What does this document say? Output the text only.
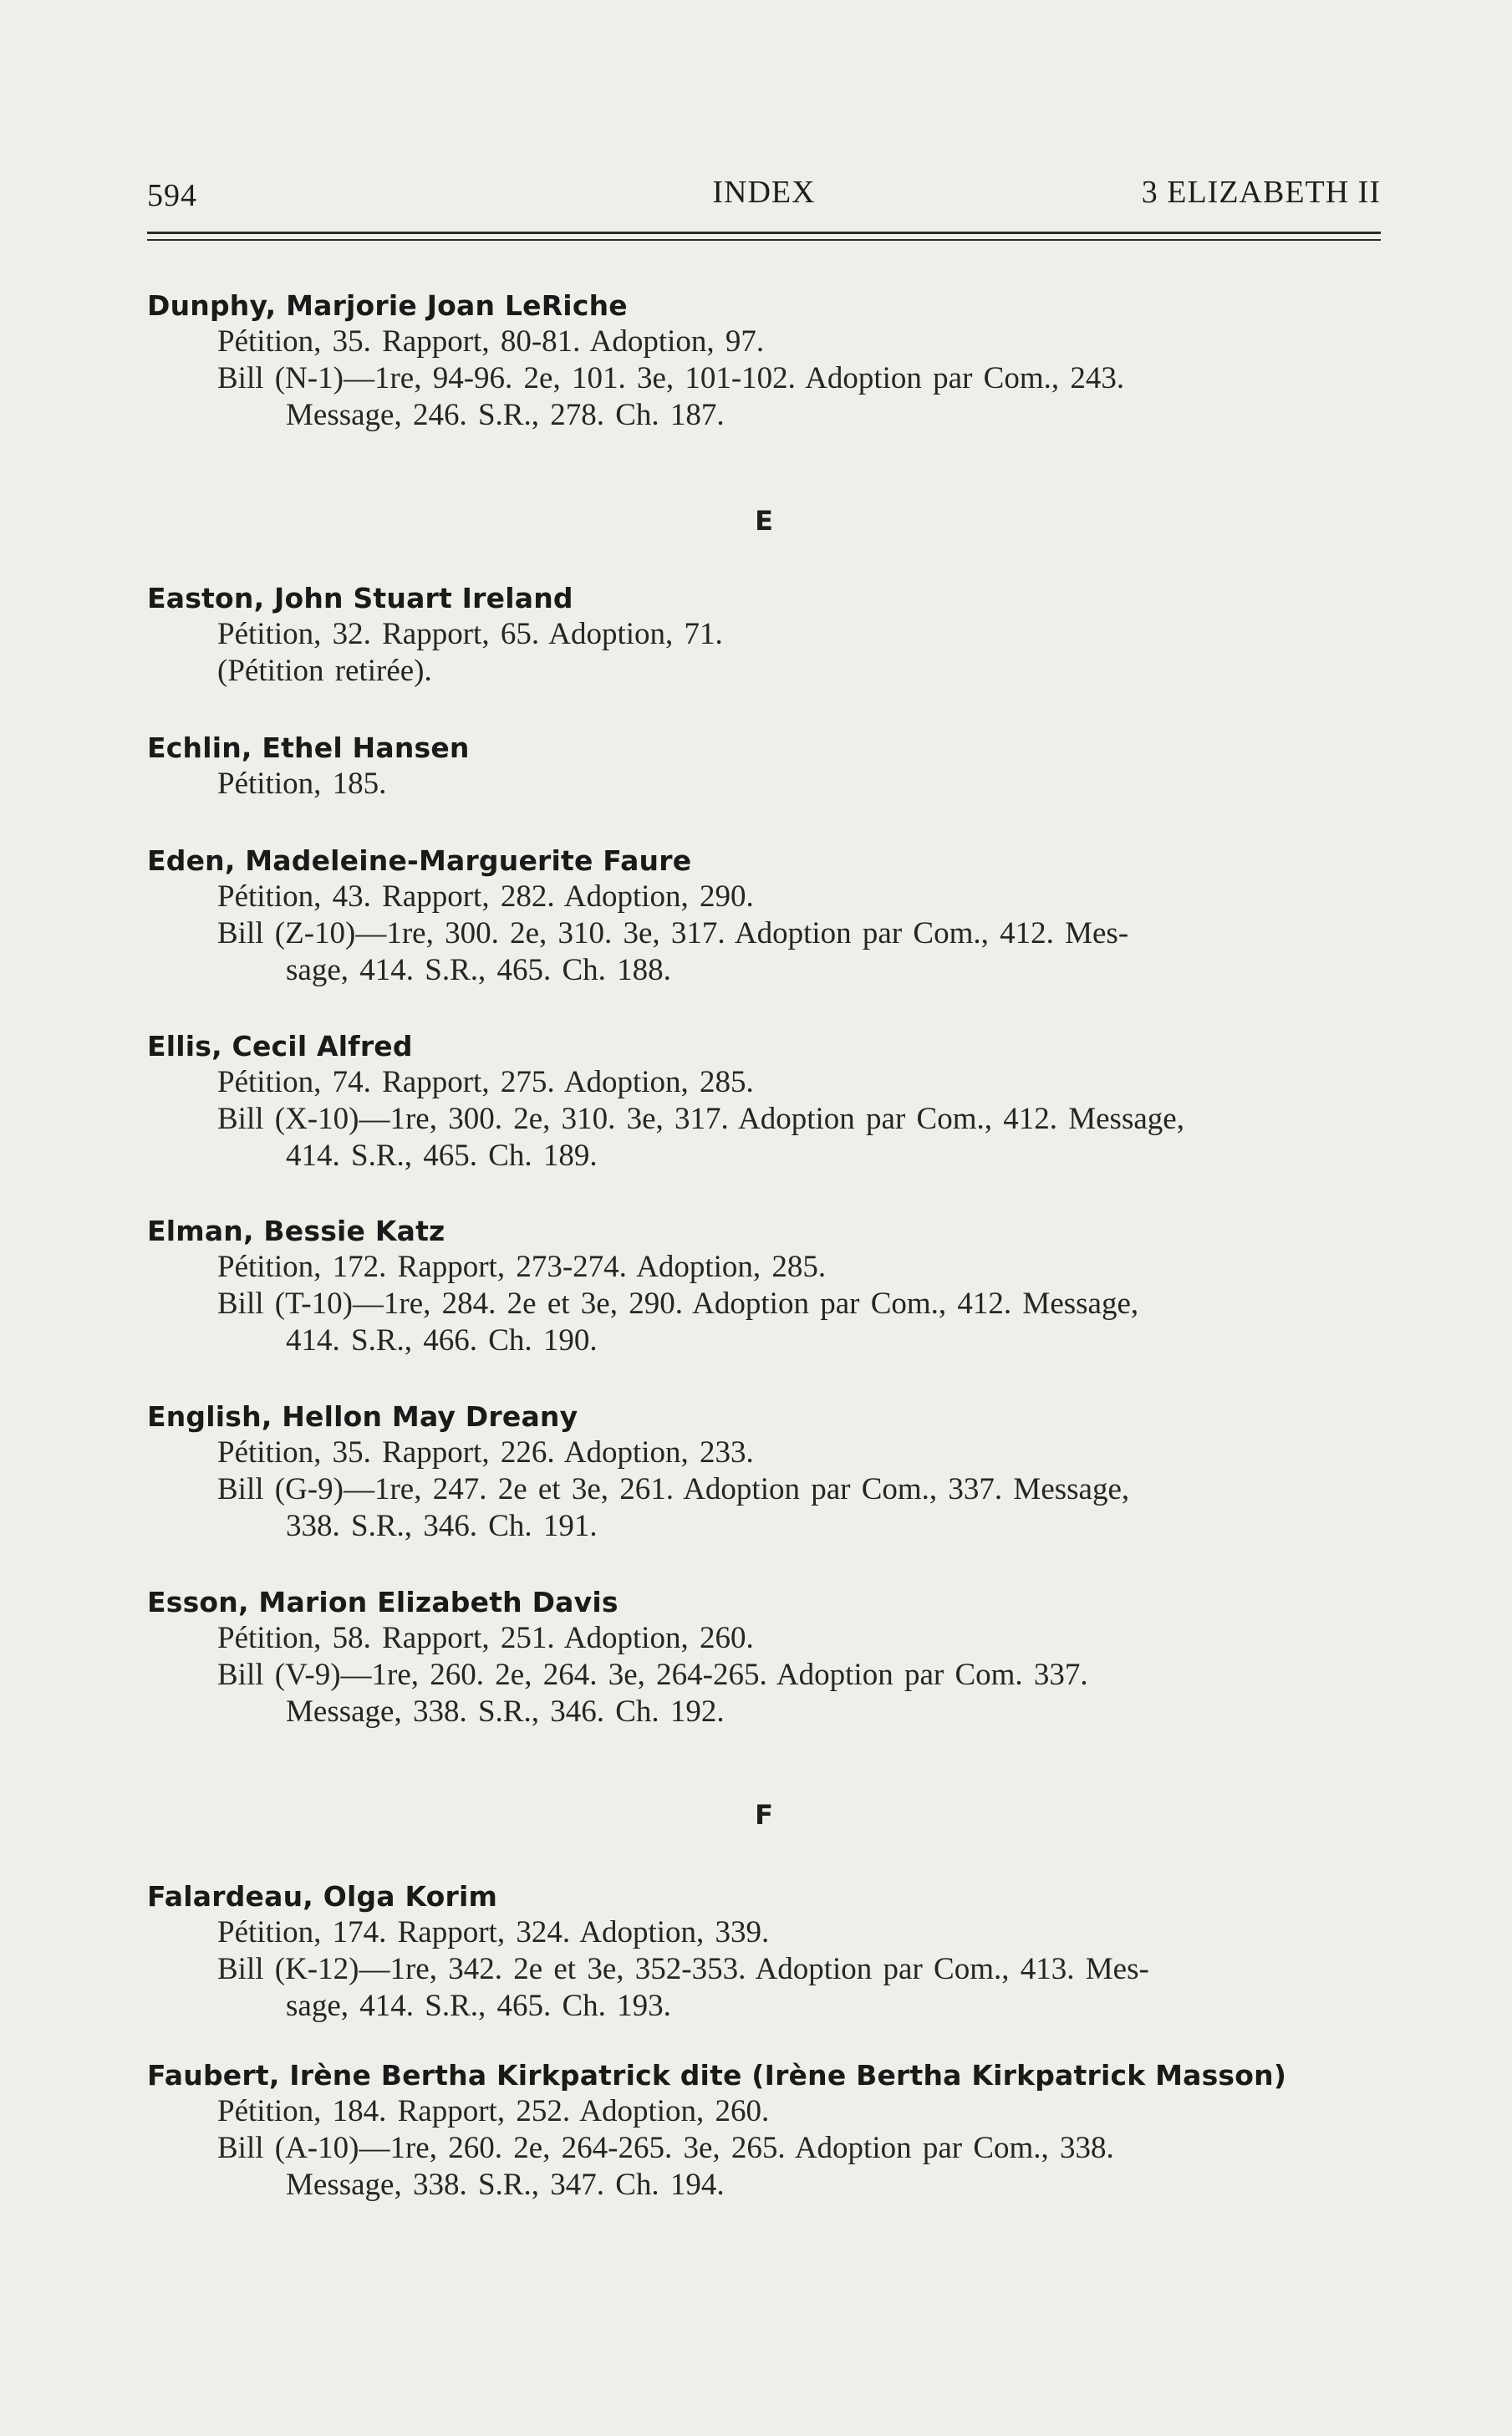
594	INDEX	3 ELIZABETH II
Dunphy, Marjorie Joan LeRiche
Pétition, 35. Rapport, 80-81. Adoption, 97.
Bill (N-1)—1re, 94-96. 2e, 101. 3e, 101-102. Adoption par Com., 243.
Message, 246. S.R., 278. Ch. 187.
E
Easton, John Stuart Ireland
Pétition, 32. Rapport, 65. Adoption, 71.
(Pétition retirée).
Echlin, Ethel Hansen
Pétition, 185.
Eden, Madeleine-Marguerite Faure
Pétition, 43. Rapport, 282. Adoption, 290.
Bill (Z-10)—1re, 300. 2e, 310. 3e, 317. Adoption par Com., 412. Mes-
sage, 414. S.R., 465. Ch. 188.
Ellis, Cecil Alfred
Pétition, 74. Rapport, 275. Adoption, 285.
Bill (X-10)—1re, 300. 2e, 310. 3e, 317. Adoption par Com., 412. Message,
414. S.R., 465. Ch. 189.
Elman, Bessie Katz
Pétition, 172. Rapport, 273-274. Adoption, 285.
Bill (T-10)—1re, 284. 2e et 3e, 290. Adoption par Com., 412. Message,
414. S.R., 466. Ch. 190.
English, Hellon May Dreany
Pétition, 35. Rapport, 226. Adoption, 233.
Bill (G-9)—1re, 247. 2e et 3e, 261. Adoption par Com., 337. Message,
338. S.R., 346. Ch. 191.
Esson, Marion Elizabeth Davis
Pétition, 58. Rapport, 251. Adoption, 260.
Bill (V-9)—1re, 260. 2e, 264. 3e, 264-265. Adoption par Com. 337.
Message, 338. S.R., 346. Ch. 192.
F
Falardeau, Olga Korim
Pétition, 174. Rapport, 324. Adoption, 339.
Bill (K-12)—1re, 342. 2e et 3e, 352-353. Adoption par Com., 413. Mes-
sage, 414. S.R., 465. Ch. 193.
Faubert, Irène Bertha Kirkpatrick dite (Irène Bertha Kirkpatrick Masson)
Pétition, 184. Rapport, 252. Adoption, 260.
Bill (A-10)—1re, 260. 2e, 264-265. 3e, 265. Adoption par Com., 338.
Message, 338. S.R., 347. Ch. 194.
